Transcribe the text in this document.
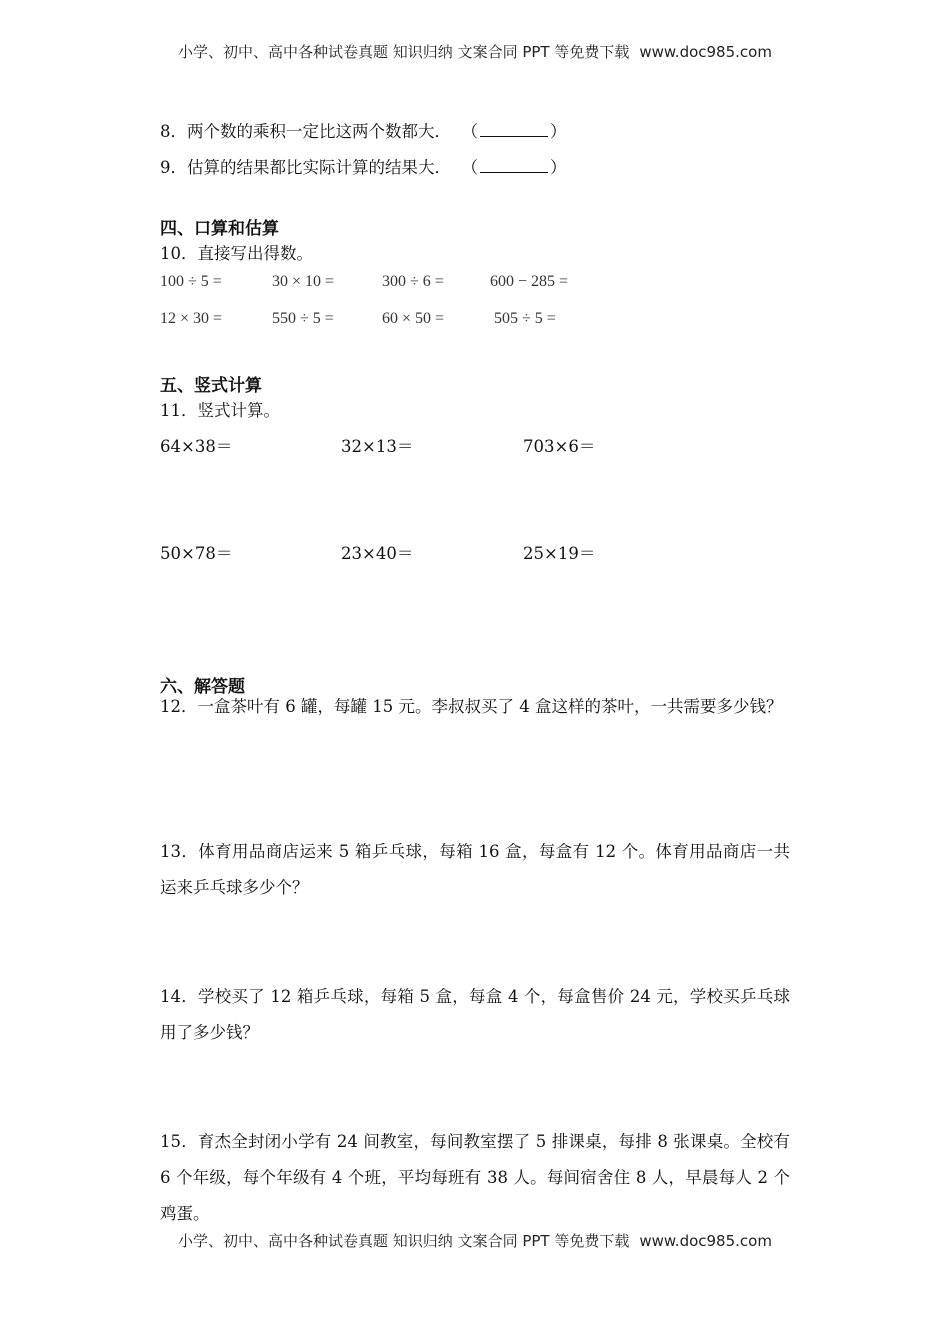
小学、初中、高中各种试卷真题 知识归纳 文案合同 PPT 等免费下载 www.doc985.com
8．两个数的乘积一定比这两个数都大． （	）
9．估算的结果都比实际计算的结果大． （	）
四、口算和估算
10．直接写出得数。
100 ÷ 5 =	30 × 10 =	300 ÷ 6 =	600 − 285 =
12 × 30 =	550 ÷ 5 =	60 × 50 =	505 ÷ 5 =
五、竖式计算
11．竖式计算。
64×38＝	32×13＝	703×6＝
50×78＝	23×40＝	25×19＝
六、解答题
12．一盒茶叶有 6 罐，每罐 15 元。李叔叔买了 4 盒这样的茶叶，一共需要多少钱？
13．体育用品商店运来 5 箱乒乓球，每箱 16 盒，每盒有 12 个。体育用品商店一共运来乒乓球多少个？
14．学校买了 12 箱乒乓球，每箱 5 盒，每盒 4 个，每盒售价 24 元，学校买乒乓球用了多少钱？
15．育杰全封闭小学有 24 间教室，每间教室摆了 5 排课桌，每排 8 张课桌。全校有 6 个年级，每个年级有 4 个班，平均每班有 38 人。每间宿舍住 8 人，早晨每人 2 个鸡蛋。
小学、初中、高中各种试卷真题 知识归纳 文案合同 PPT 等免费下载 www.doc985.com
